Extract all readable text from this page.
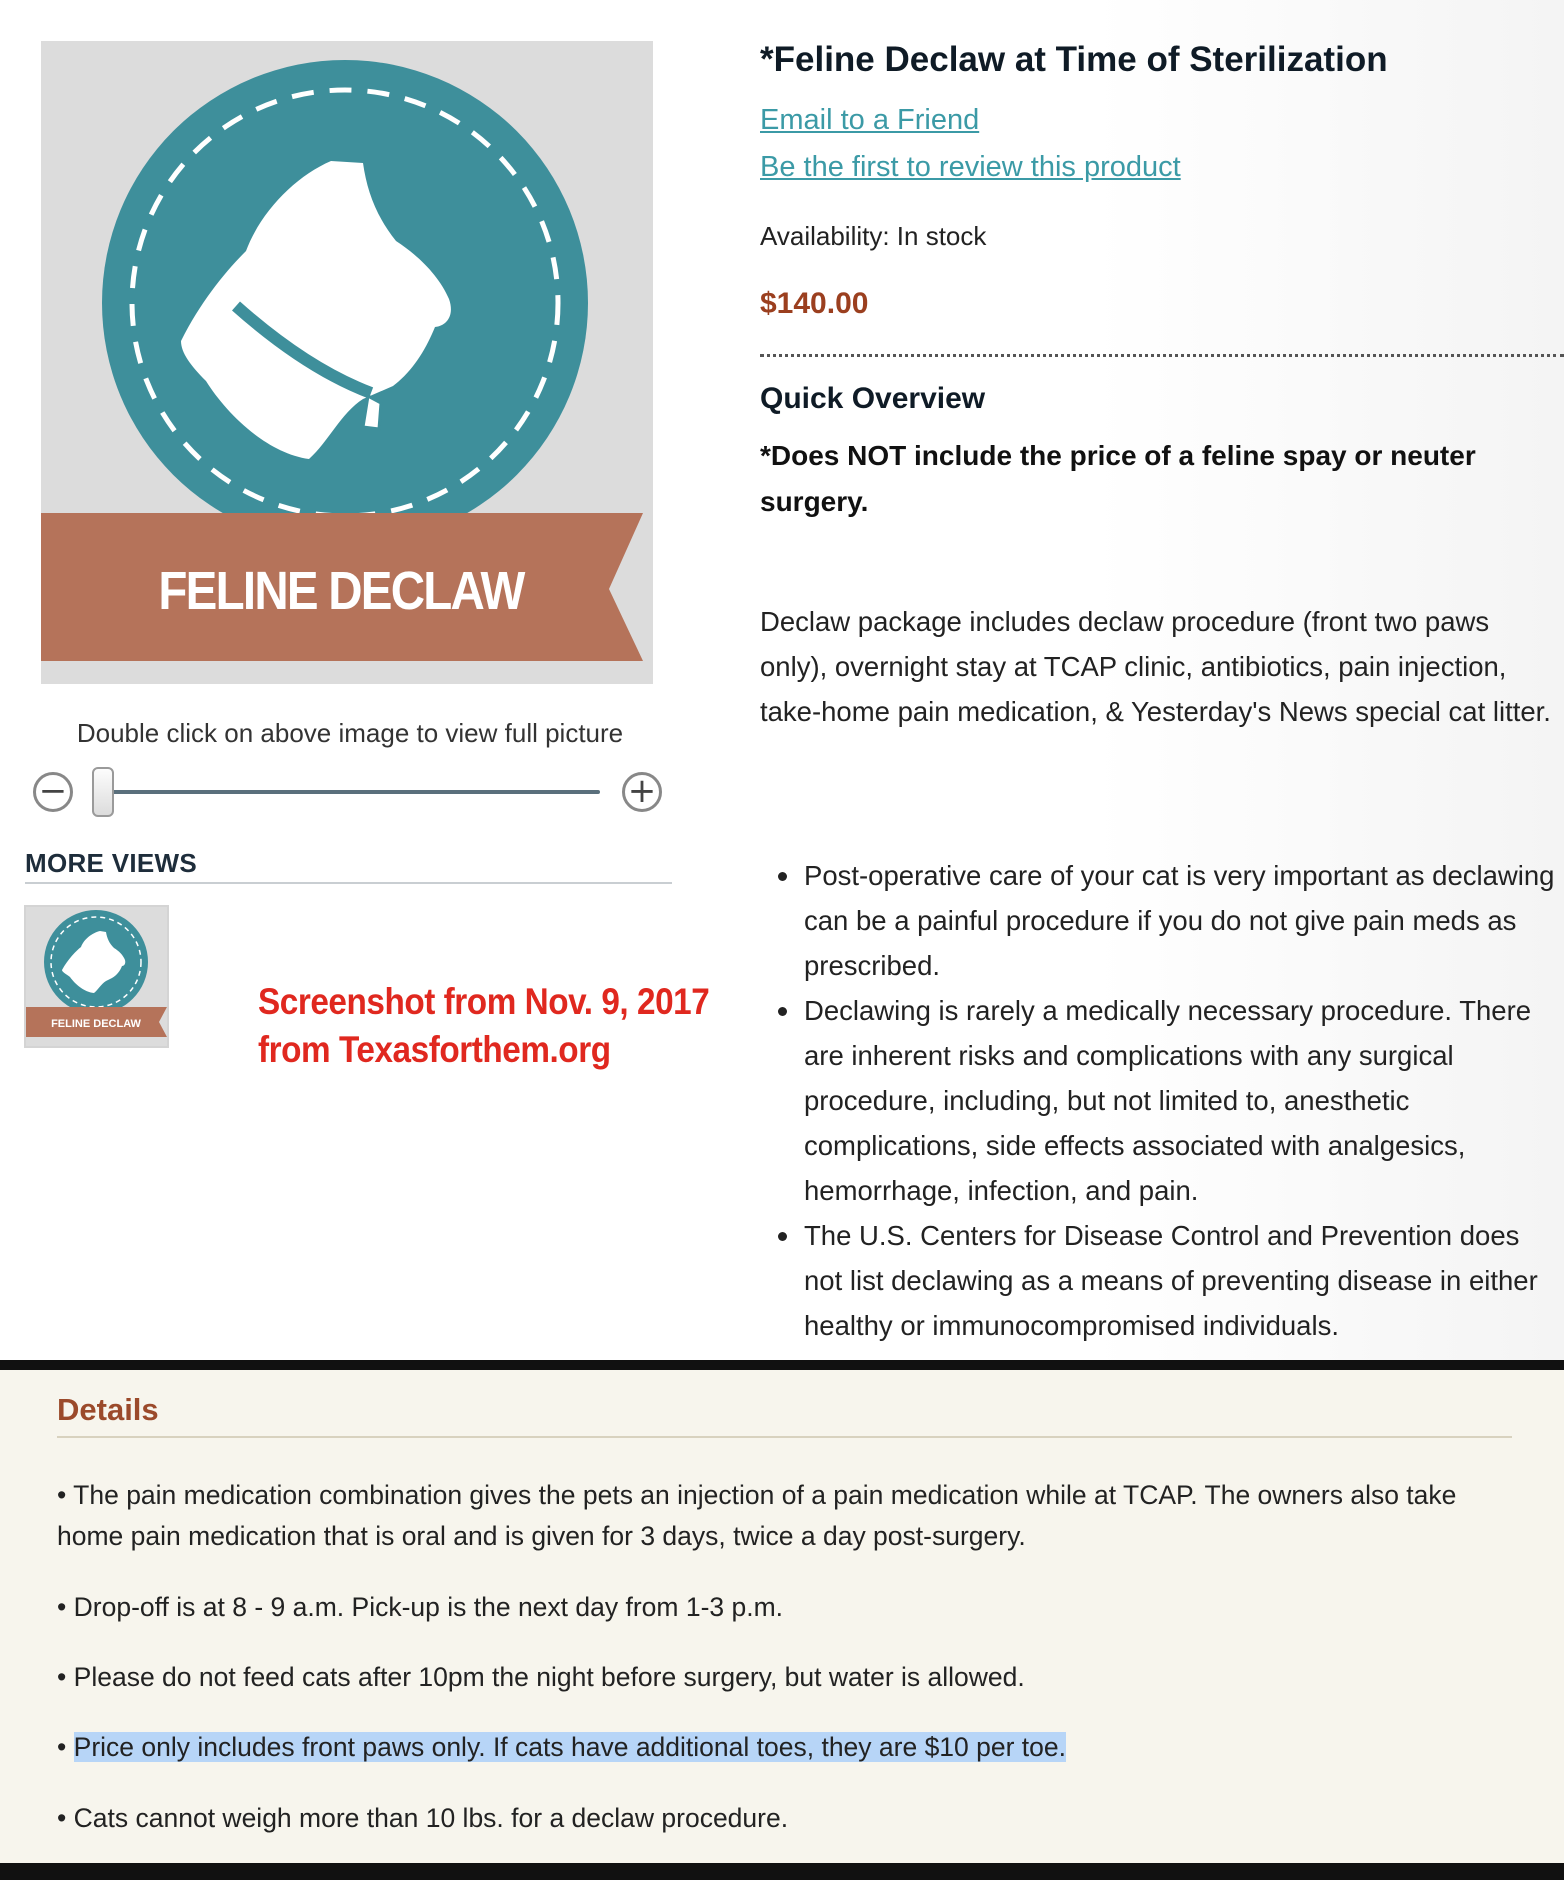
FELINE DECLAW
Double click on above image to view full picture
−	+
MORE VIEWS
FELINE DECLAW
Screenshot from Nov. 9, 2017
from Texasforthem.org
*Feline Declaw at Time of Sterilization
Email to a Friend
Be the first to review this product
Availability: In stock
$140.00
Quick Overview
*Does NOT include the price of a feline spay or neuter surgery.
Declaw package includes declaw procedure (front two paws only), overnight stay at TCAP clinic, antibiotics, pain injection, take-home pain medication, & Yesterday's News special cat litter.
Post-operative care of your cat is very important as declawing can be a painful procedure if you do not give pain meds as prescribed.
Declawing is rarely a medically necessary procedure. There are inherent risks and complications with any surgical procedure, including, but not limited to, anesthetic complications, side effects associated with analgesics, hemorrhage, infection, and pain.
The U.S. Centers for Disease Control and Prevention does not list declawing as a means of preventing disease in either healthy or immunocompromised individuals.
Details
• The pain medication combination gives the pets an injection of a pain medication while at TCAP. The owners also take home pain medication that is oral and is given for 3 days, twice a day post-surgery.
• Drop-off is at 8 - 9 a.m. Pick-up is the next day from 1-3 p.m.
• Please do not feed cats after 10pm the night before surgery, but water is allowed.
• Price only includes front paws only. If cats have additional toes, they are $10 per toe.
• Cats cannot weigh more than 10 lbs. for a declaw procedure.
